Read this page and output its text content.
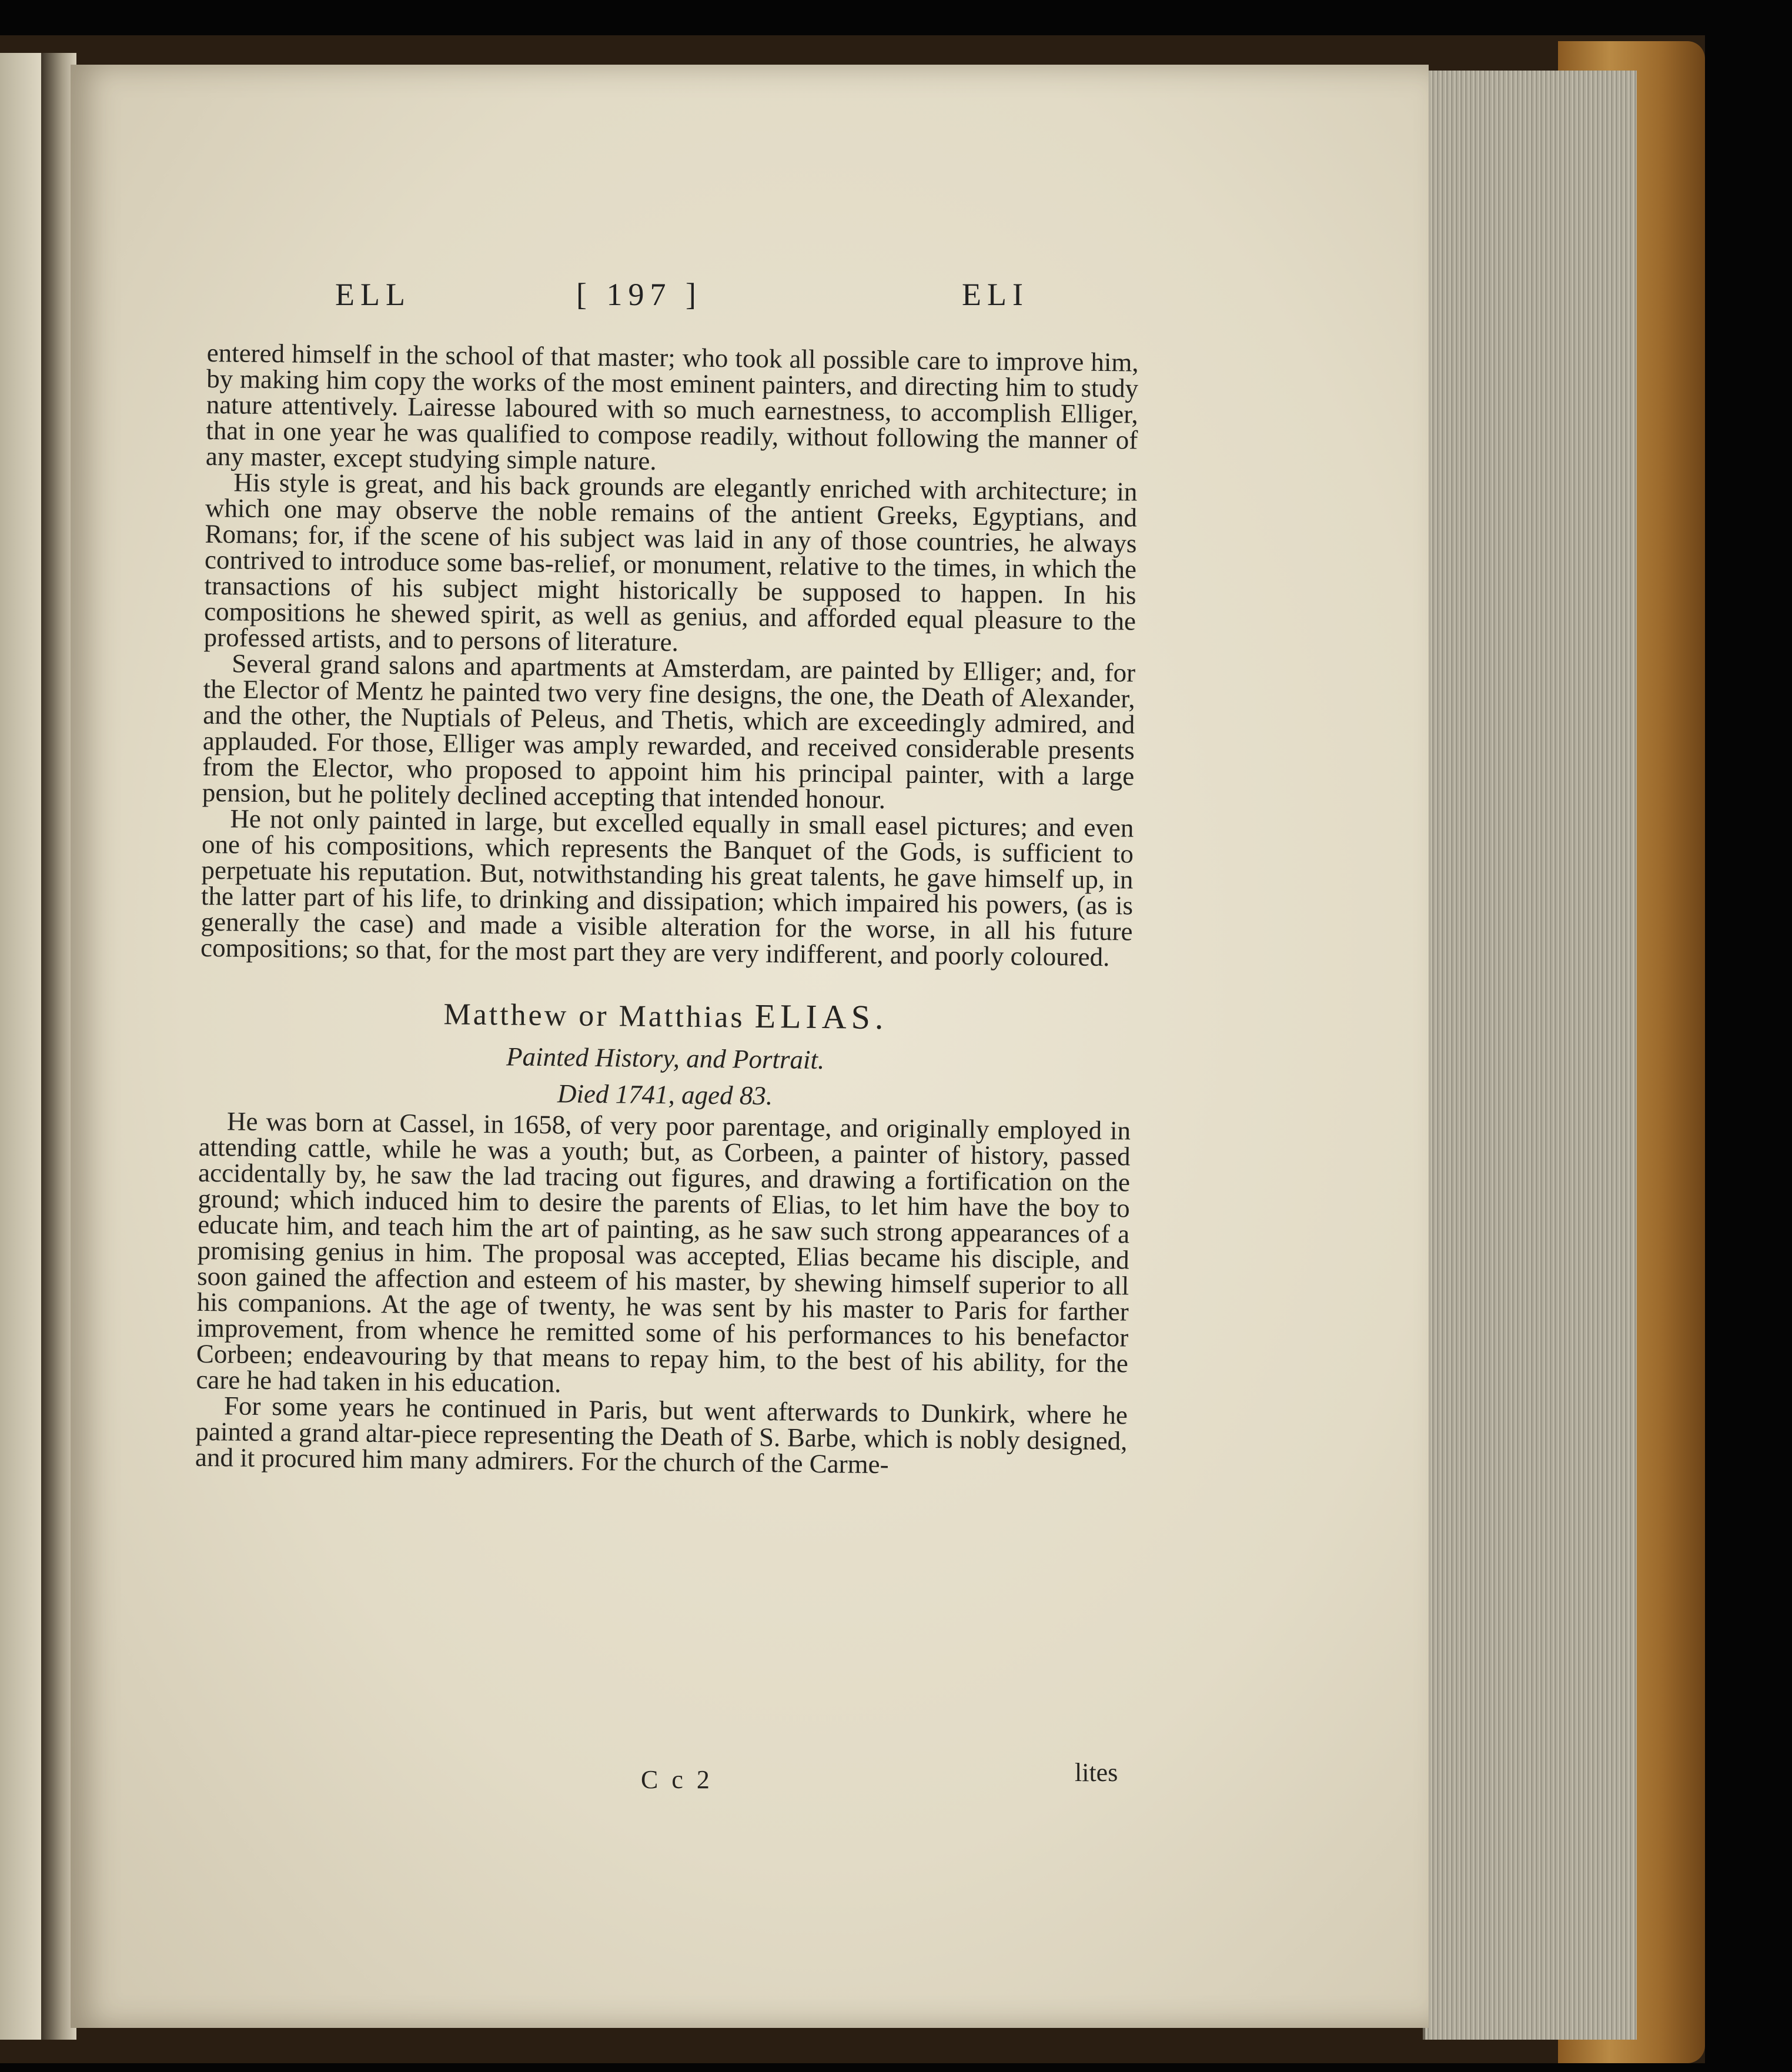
ELL	[ 197 ]	ELI

entered himself in the school of that master; who took all possible care to improve him, by making him copy the works of the most eminent painters, and directing him to study nature attentively. Lairesse laboured with so much earnestness, to accomplish Elliger, that in one year he was qualified to compose readily, without following the manner of any master, except studying simple nature.

His style is great, and his back grounds are elegantly enriched with architecture; in which one may observe the noble remains of the antient Greeks, Egyptians, and Romans; for, if the scene of his subject was laid in any of those countries, he always contrived to introduce some bas-relief, or monument, relative to the times, in which the transactions of his subject might historically be supposed to happen. In his compositions he shewed spirit, as well as genius, and afforded equal pleasure to the professed artists, and to persons of literature.

Several grand salons and apartments at Amsterdam, are painted by Elliger; and, for the Elector of Mentz he painted two very fine designs, the one, the Death of Alexander, and the other, the Nuptials of Peleus, and Thetis, which are exceedingly admired, and applauded. For those, Elliger was amply rewarded, and received considerable presents from the Elector, who proposed to appoint him his principal painter, with a large pension, but he politely declined accepting that intended honour.

He not only painted in large, but excelled equally in small easel pictures; and even one of his compositions, which represents the Banquet of the Gods, is sufficient to perpetuate his reputation. But, notwithstanding his great talents, he gave himself up, in the latter part of his life, to drinking and dissipation; which impaired his powers, (as is generally the case) and made a visible alteration for the worse, in all his future compositions; so that, for the most part they are very indifferent, and poorly coloured.

Matthew or Matthias ELIAS.

Painted History, and Portrait.

Died 1741, aged 83.

He was born at Cassel, in 1658, of very poor parentage, and originally employed in attending cattle, while he was a youth; but, as Corbeen, a painter of history, passed accidentally by, he saw the lad tracing out figures, and drawing a fortification on the ground; which induced him to desire the parents of Elias, to let him have the boy to educate him, and teach him the art of painting, as he saw such strong appearances of a promising genius in him. The proposal was accepted, Elias became his disciple, and soon gained the affection and esteem of his master, by shewing himself superior to all his companions. At the age of twenty, he was sent by his master to Paris for farther improvement, from whence he remitted some of his performances to his benefactor Corbeen; endeavouring by that means to repay him, to the best of his ability, for the care he had taken in his education.

For some years he continued in Paris, but went afterwards to Dunkirk, where he painted a grand altar-piece representing the Death of S. Barbe, which is nobly designed, and it procured him many admirers. For the church of the Carme-

C c 2	lites
